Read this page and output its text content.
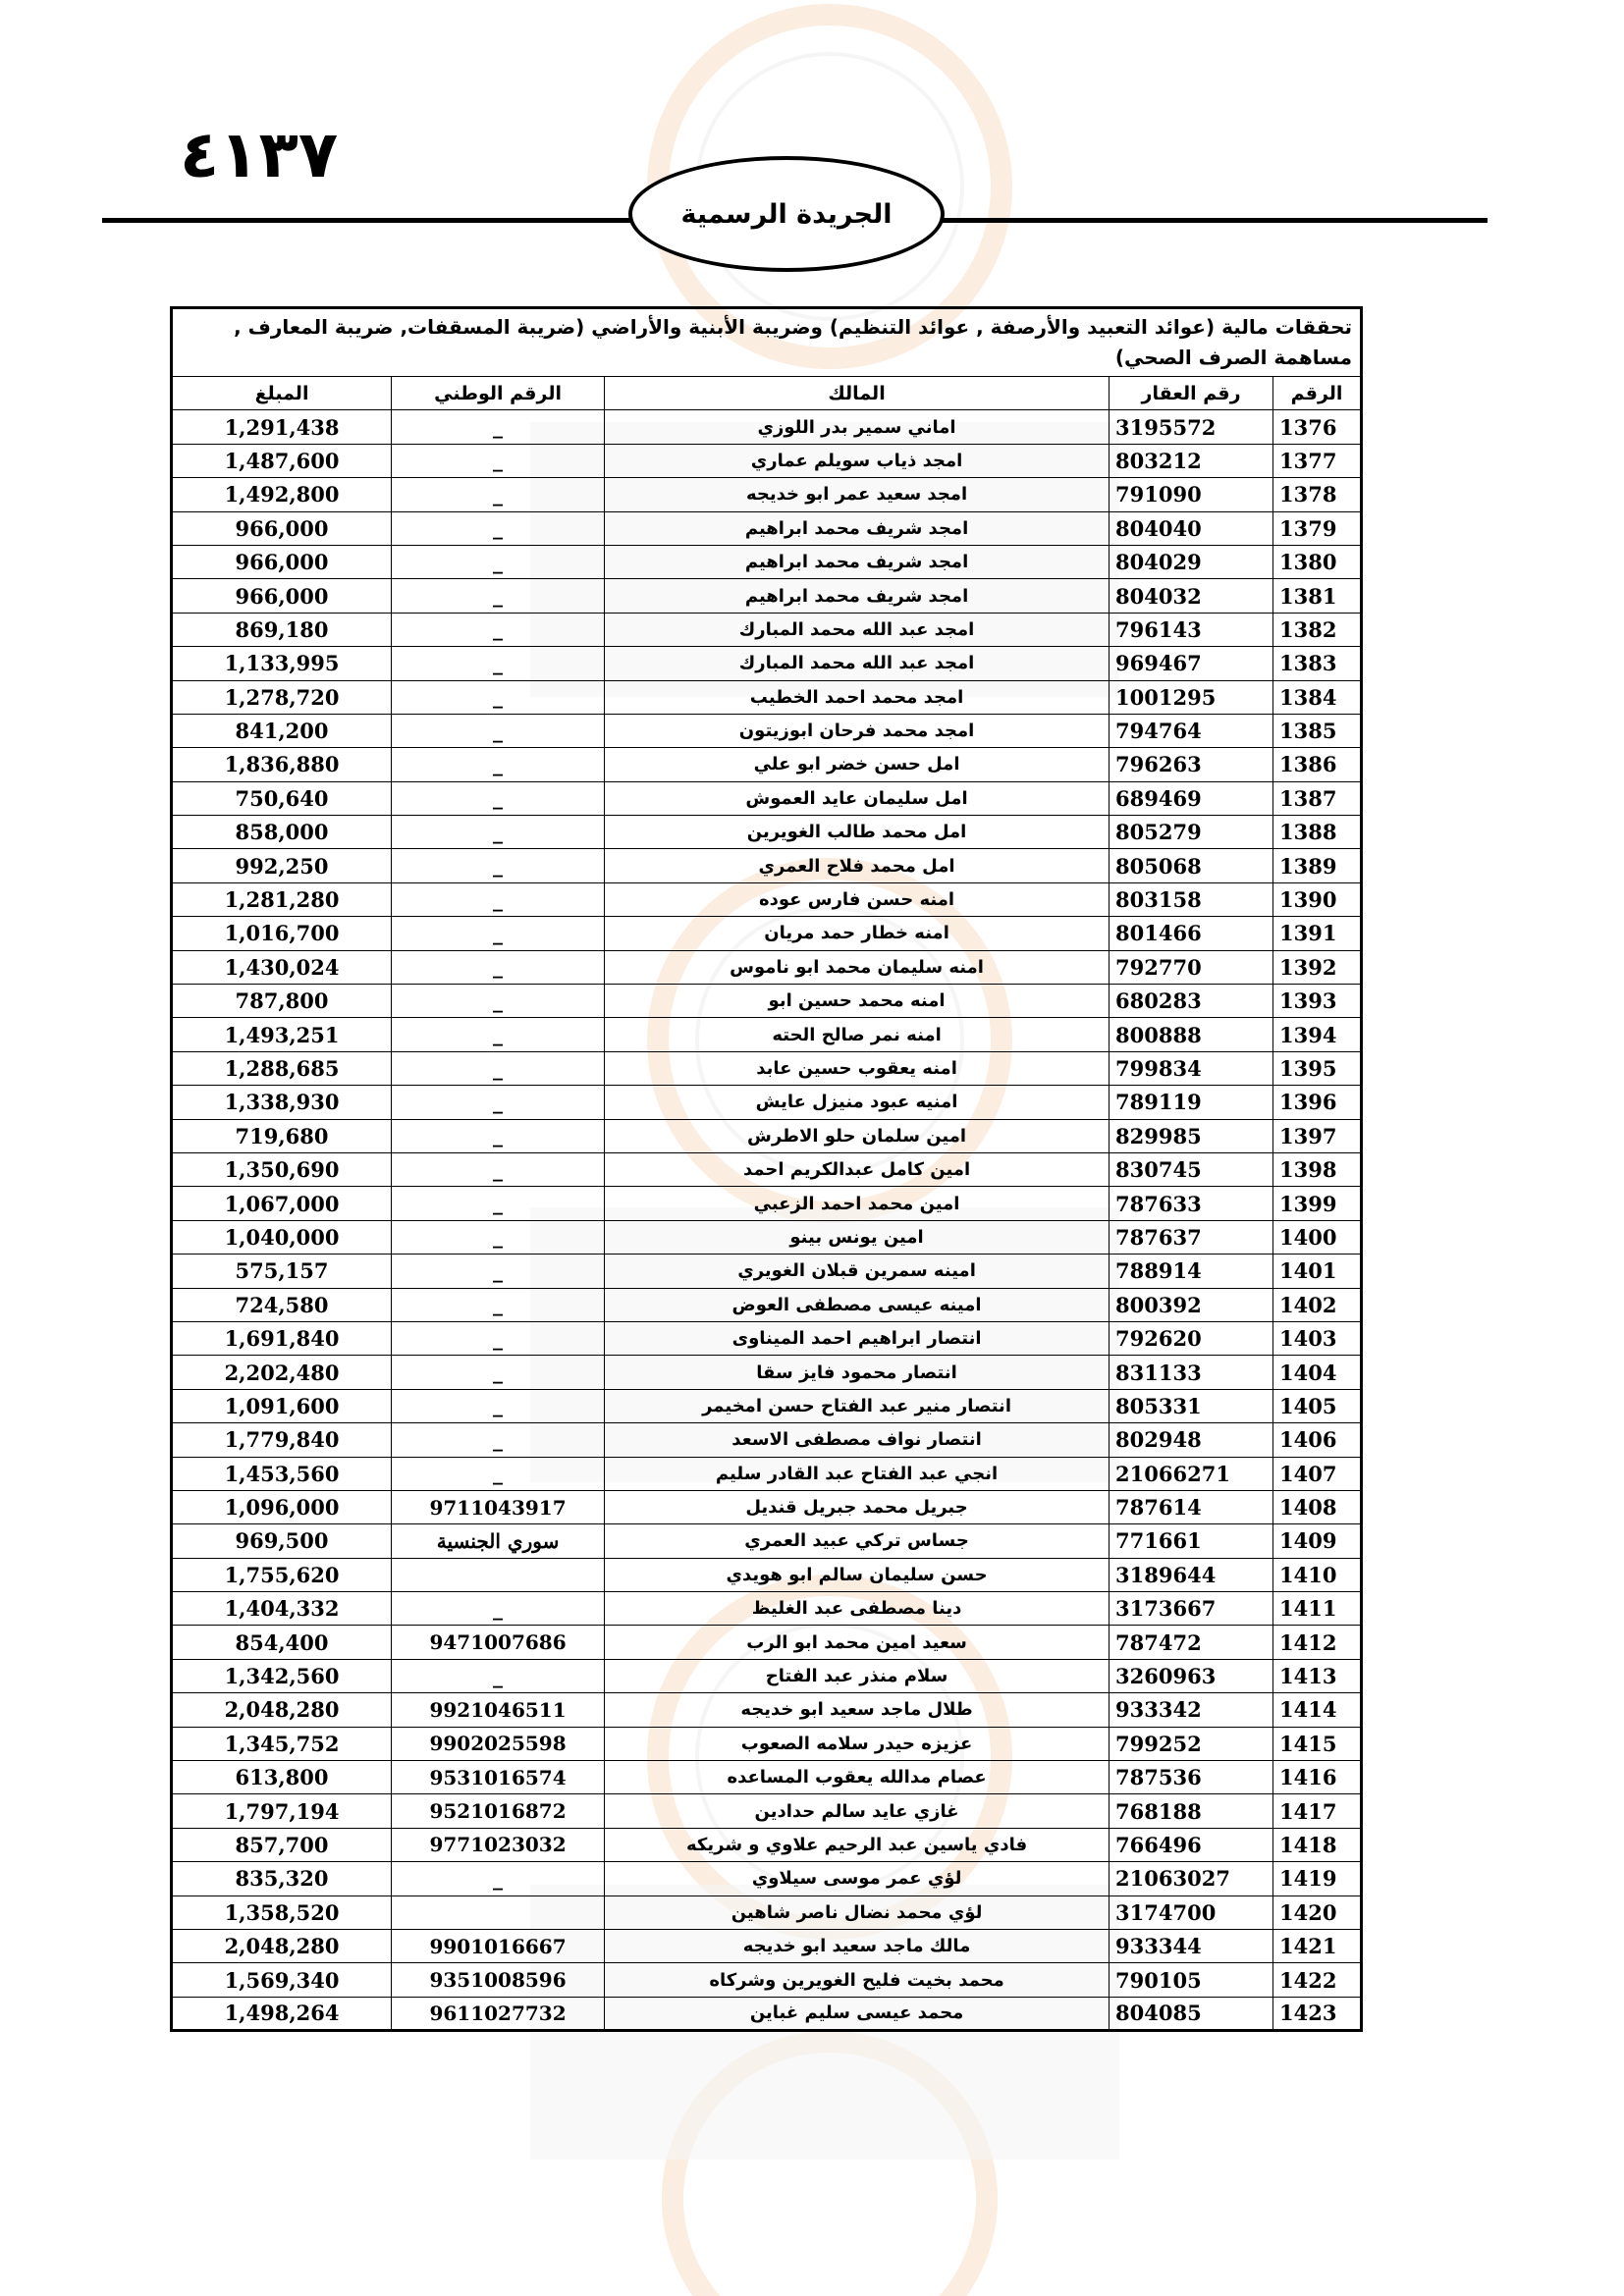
٤١٣٧
الجريدة الرسمية
تحققات مالية (عوائد التعبيد والأرصفة , عوائد التنظيم) وضريبة الأبنية والأراضي (ضريبة المسقفات, ضريبة المعارف , مساهمة الصرف الصحي)				
الرقم	رقم العقار	المالك	الرقم الوطني	المبلغ
1376	3195572	اماني سمير بدر اللوزي	_	1,291,438
1377	803212	امجد ذياب سويلم عماري	_	1,487,600
1378	791090	امجد سعيد عمر ابو خديجه	_	1,492,800
1379	804040	امجد شريف محمد ابراهيم	_	966,000
1380	804029	امجد شريف محمد ابراهيم	_	966,000
1381	804032	امجد شريف محمد ابراهيم	_	966,000
1382	796143	امجد عبد الله محمد المبارك	_	869,180
1383	969467	امجد عبد الله محمد المبارك	_	1,133,995
1384	1001295	امجد محمد احمد الخطيب	_	1,278,720
1385	794764	امجد محمد فرحان ابوزيتون	_	841,200
1386	796263	امل حسن خضر ابو علي	_	1,836,880
1387	689469	امل سليمان عايد العموش	_	750,640
1388	805279	امل محمد طالب الغويرين	_	858,000
1389	805068	امل محمد فلاح العمري	_	992,250
1390	803158	امنه حسن فارس عوده	_	1,281,280
1391	801466	امنه خطار حمد مريان	_	1,016,700
1392	792770	امنه سليمان محمد ابو ناموس	_	1,430,024
1393	680283	امنه محمد حسين ابو	_	787,800
1394	800888	امنه نمر صالح الحته	_	1,493,251
1395	799834	امنه يعقوب حسين عابد	_	1,288,685
1396	789119	امنيه عبود منيزل عايش	_	1,338,930
1397	829985	امين سلمان حلو الاطرش	_	719,680
1398	830745	امين كامل عبدالكريم احمد	_	1,350,690
1399	787633	امين محمد احمد الزعبي	_	1,067,000
1400	787637	امين يونس بينو	_	1,040,000
1401	788914	امينه سمرين قبلان الغويري	_	575,157
1402	800392	امينه عيسى مصطفى العوض	_	724,580
1403	792620	انتصار ابراهيم احمد الميناوى	_	1,691,840
1404	831133	انتصار محمود فايز سقا	_	2,202,480
1405	805331	انتصار منير عبد الفتاح حسن امخيمر	_	1,091,600
1406	802948	انتصار نواف مصطفى الاسعد	_	1,779,840
1407	21066271	انجي عبد الفتاح عبد القادر سليم	_	1,453,560
1408	787614	جبريل محمد جبريل قنديل	9711043917	1,096,000
1409	771661	جساس تركي عبيد العمري	سوري الجنسية	969,500
1410	3189644	حسن سليمان سالم ابو هويدي		1,755,620
1411	3173667	دينا مصطفى عبد الغليظ	_	1,404,332
1412	787472	سعيد امين محمد ابو الرب	9471007686	854,400
1413	3260963	سلام منذر عبد الفتاح	_	1,342,560
1414	933342	طلال ماجد سعيد ابو خديجه	9921046511	2,048,280
1415	799252	عزيزه حيدر سلامه الصعوب	9902025598	1,345,752
1416	787536	عصام مدالله يعقوب المساعده	9531016574	613,800
1417	768188	غازي عايد سالم حدادين	9521016872	1,797,194
1418	766496	فادي ياسين عبد الرحيم علاوي و شريكه	9771023032	857,700
1419	21063027	لؤي عمر موسى سيلاوي	_	835,320
1420	3174700	لؤي محمد نضال ناصر شاهين		1,358,520
1421	933344	مالك ماجد سعيد ابو خديجه	9901016667	2,048,280
1422	790105	محمد بخيت فليح الغويرين وشركاه	9351008596	1,569,340
1423	804085	محمد عيسى سليم غباين	9611027732	1,498,264
